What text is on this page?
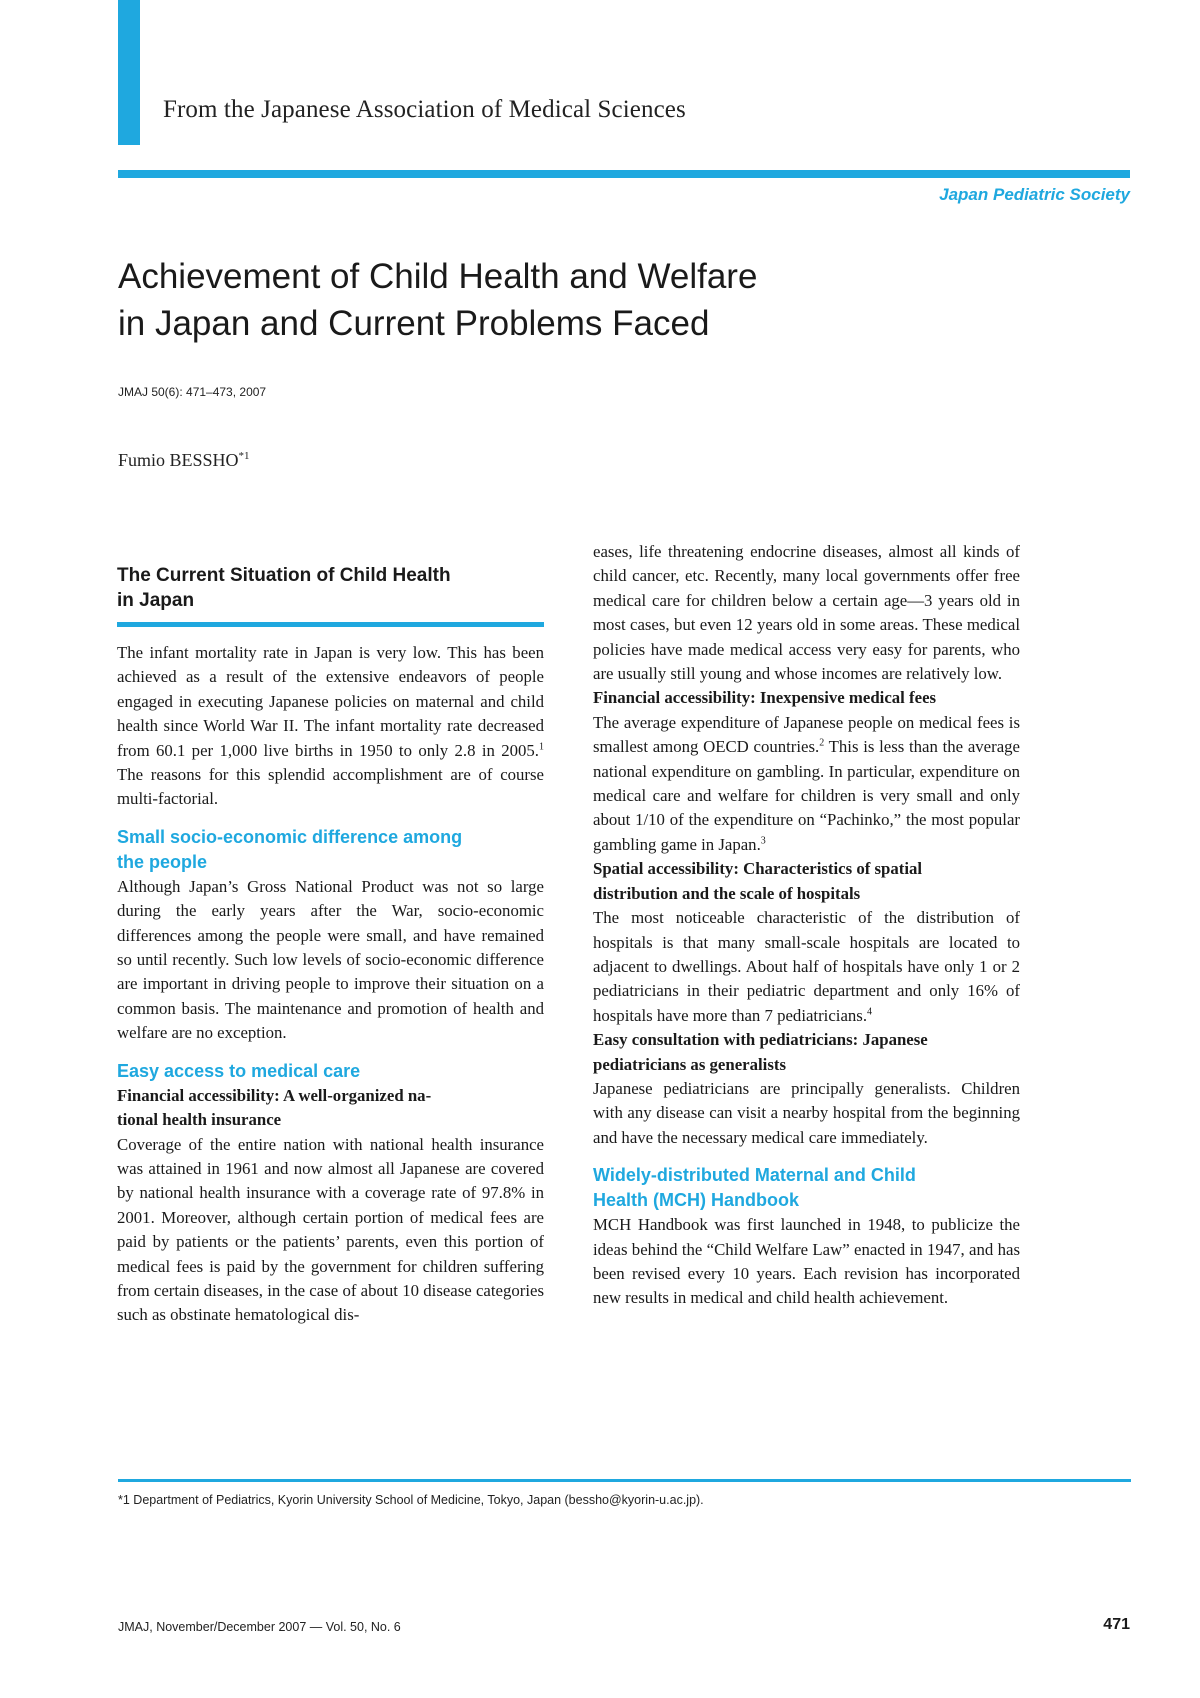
From the Japanese Association of Medical Sciences
Japan Pediatric Society
Achievement of Child Health and Welfare
in Japan and Current Problems Faced
JMAJ 50(6): 471–473, 2007
Fumio BESSHO$^{*1}$
The Current Situation of Child Health
in Japan

The infant mortality rate in Japan is very low. This has been achieved as a result of the extensive endeavors of people engaged in executing Japanese policies on maternal and child health since World War II. The infant mortality rate decreased from 60.1 per 1,000 live births in 1950 to only 2.8 in 2005.$^1$ The reasons for this splendid accomplishment are of course multi-factorial.

Small socio-economic difference among
the people

Although Japan’s Gross National Product was not so large during the early years after the War, socio-economic differences among the people were small, and have remained so until recently. Such low levels of socio-economic difference are important in driving people to improve their situation on a common basis. The maintenance and promotion of health and welfare are no exception.

Easy access to medical care
Financial accessibility: A well-organized na-
tional health insurance

Coverage of the entire nation with national health insurance was attained in 1961 and now almost all Japanese are covered by national health insurance with a coverage rate of 97.8% in 2001. Moreover, although certain portion of medical fees are paid by patients or the patients’ parents, even this portion of medical fees is paid by the government for children suffering from certain diseases, in the case of about 10 disease categories such as obstinate hematological dis-

eases, life threatening endocrine diseases, almost all kinds of child cancer, etc. Recently, many local governments offer free medical care for children below a certain age—3 years old in most cases, but even 12 years old in some areas. These medical policies have made medical access very easy for parents, who are usually still young and whose incomes are relatively low.

Financial accessibility: Inexpensive medical fees

The average expenditure of Japanese people on medical fees is smallest among OECD countries.$^2$ This is less than the average national expenditure on gambling. In particular, expenditure on medical care and welfare for children is very small and only about 1/10 of the expenditure on “Pachinko,” the most popular gambling game in Japan.$^3$

Spatial accessibility: Characteristics of spatial
distribution and the scale of hospitals

The most noticeable characteristic of the distribution of hospitals is that many small-scale hospitals are located to adjacent to dwellings. About half of hospitals have only 1 or 2 pediatricians in their pediatric department and only 16% of hospitals have more than 7 pediatricians.$^4$

Easy consultation with pediatricians: Japanese
pediatricians as generalists

Japanese pediatricians are principally generalists. Children with any disease can visit a nearby hospital from the beginning and have the necessary medical care immediately.

Widely-distributed Maternal and Child
Health (MCH) Handbook

MCH Handbook was first launched in 1948, to publicize the ideas behind the “Child Welfare Law” enacted in 1947, and has been revised every 10 years. Each revision has incorporated new results in medical and child health achievement.

*1 Department of Pediatrics, Kyorin University School of Medicine, Tokyo, Japan (bessho@kyorin-u.ac.jp).
JMAJ, November/December 2007 — Vol. 50, No. 6	471
